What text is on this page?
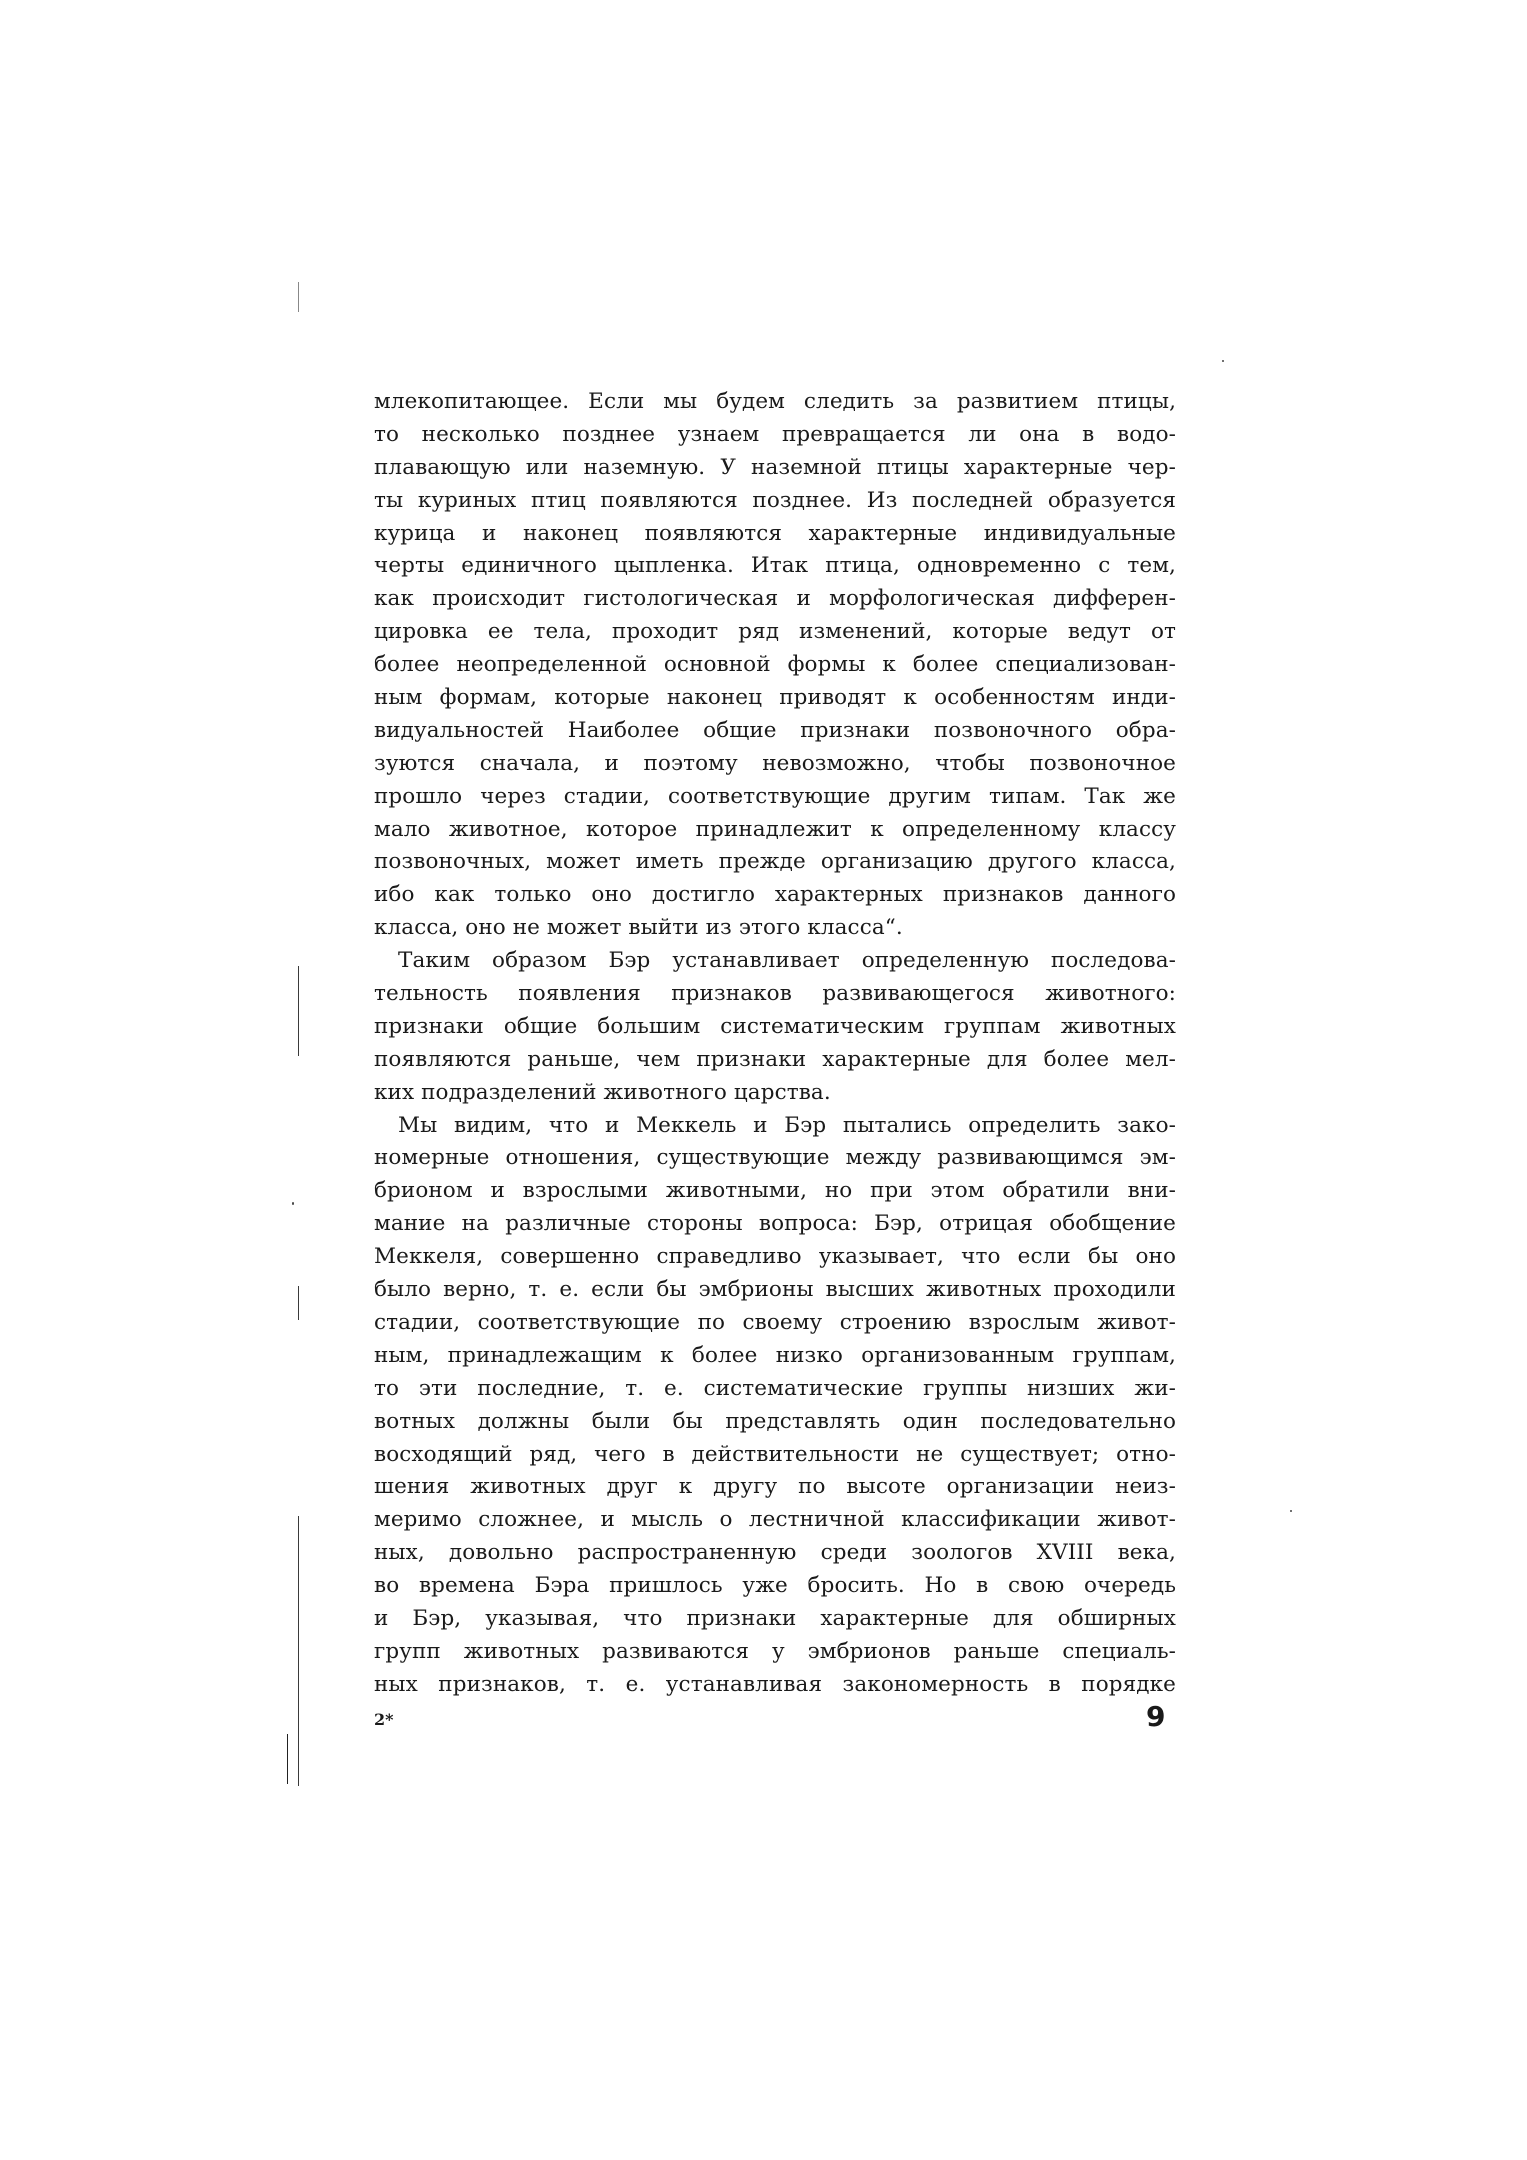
млекопитающее. Если мы будем следить за развитием птицы,
то несколько позднее узнаем превращается ли она в водо-
плавающую или наземную. У наземной птицы характерные чер-
ты куриных птиц появляются позднее. Из последней образуется
курица и наконец появляются характерные индивидуальные
черты единичного цыпленка. Итак птица, одновременно с тем,
как происходит гистологическая и морфологическая дифферен-
цировка ее тела, проходит ряд изменений, которые ведут от
более неопределенной основной формы к более специализован-
ным формам, которые наконец приводят к особенностям инди-
видуальностей Наиболее общие признаки позвоночного обра-
зуются сначала, и поэтому невозможно, чтобы позвоночное
прошло через стадии, соответствующие другим типам. Так же
мало животное, которое принадлежит к определенному классу
позвоночных, может иметь прежде организацию другого класса,
ибо как только оно достигло характерных признаков данного
класса, оно не может выйти из этого класса“.
Таким образом Бэр устанавливает определенную последова-
тельность появления признаков развивающегося животного:
признаки общие большим систематическим группам животных
появляются раньше, чем признаки характерные для более мел-
ких подразделений животного царства.
Мы видим, что и Меккель и Бэр пытались определить зако-
номерные отношения, существующие между развивающимся эм-
брионом и взрослыми животными, но при этом обратили вни-
мание на различные стороны вопроса: Бэр, отрицая обобщение
Меккеля, совершенно справедливо указывает, что если бы оно
было верно, т. е. если бы эмбрионы высших животных проходили
стадии, соответствующие по своему строению взрослым живот-
ным, принадлежащим к более низко организованным группам,
то эти последние, т. е. систематические группы низших жи-
вотных должны были бы представлять один последовательно
восходящий ряд, чего в действительности не существует; отно-
шения животных друг к другу по высоте организации неиз-
меримо сложнее, и мысль о лестничной классификации живот-
ных, довольно распространенную среди зоологов XVIII века,
во времена Бэра пришлось уже бросить. Но в свою очередь
и Бэр, указывая, что признаки характерные для обширных
групп животных развиваются у эмбрионов раньше специаль-
ных признаков, т. е. устанавливая закономерность в порядке
2*	9
